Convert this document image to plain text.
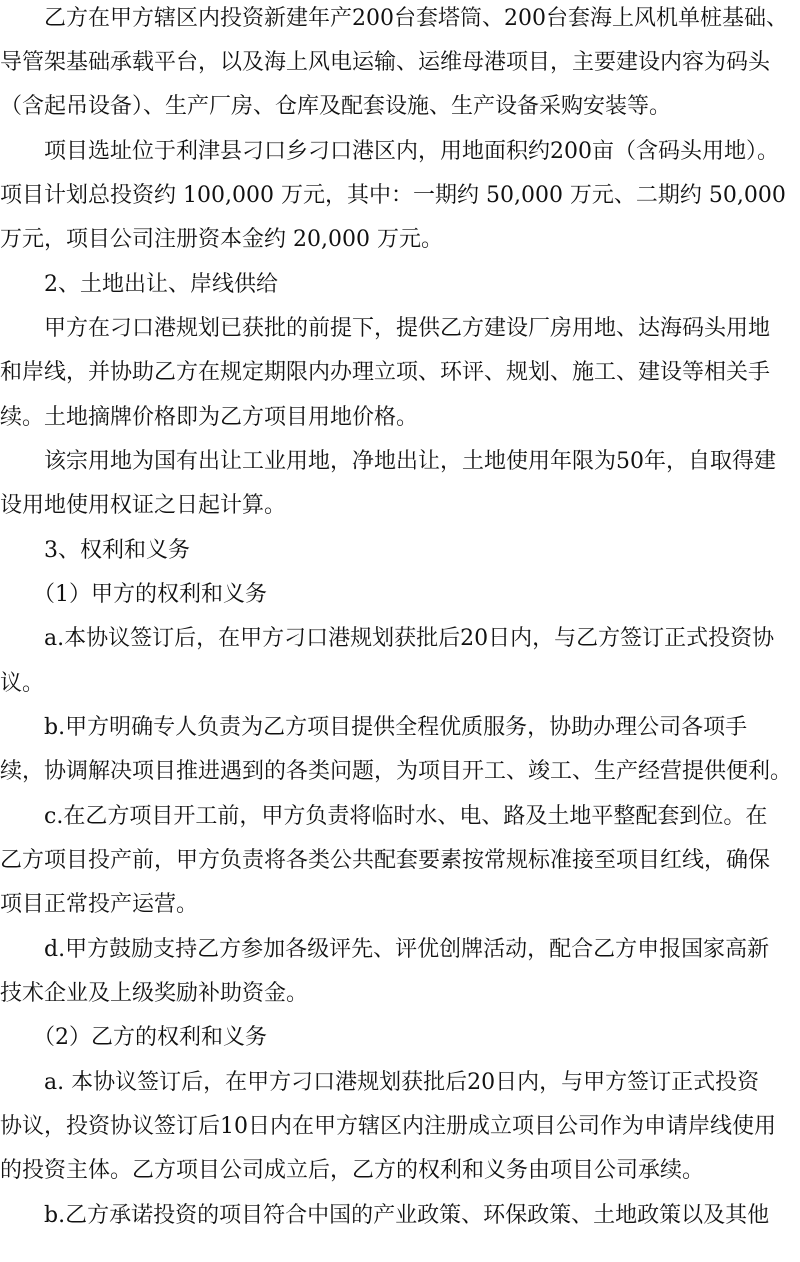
　　乙方在甲方辖区内投资新建年产200台套塔筒、200台套海上风机单桩基础、
导管架基础承载平台，以及海上风电运输、运维母港项目，主要建设内容为码头
（含起吊设备）、生产厂房、仓库及配套设施、生产设备采购安装等。
　　项目选址位于利津县刁口乡刁口港区内，用地面积约200亩（含码头用地）。
项目计划总投资约 100,000 万元，其中：一期约 50,000 万元、二期约 50,000
万元，项目公司注册资本金约 20,000 万元。
　　2、土地出让、岸线供给
　　甲方在刁口港规划已获批的前提下，提供乙方建设厂房用地、达海码头用地
和岸线，并协助乙方在规定期限内办理立项、环评、规划、施工、建设等相关手
续。土地摘牌价格即为乙方项目用地价格。
　　该宗用地为国有出让工业用地，净地出让，土地使用年限为50年，自取得建
设用地使用权证之日起计算。
　　3、权利和义务
　　（1）甲方的权利和义务
　　a.本协议签订后，在甲方刁口港规划获批后20日内，与乙方签订正式投资协
议。
　　b.甲方明确专人负责为乙方项目提供全程优质服务，协助办理公司各项手
续，协调解决项目推进遇到的各类问题，为项目开工、竣工、生产经营提供便利。
　　c.在乙方项目开工前，甲方负责将临时水、电、路及土地平整配套到位。在
乙方项目投产前，甲方负责将各类公共配套要素按常规标准接至项目红线，确保
项目正常投产运营。
　　d.甲方鼓励支持乙方参加各级评先、评优创牌活动，配合乙方申报国家高新
技术企业及上级奖励补助资金。
　　（2）乙方的权利和义务
　　a. 本协议签订后，在甲方刁口港规划获批后20日内，与甲方签订正式投资
协议，投资协议签订后10日内在甲方辖区内注册成立项目公司作为申请岸线使用
的投资主体。乙方项目公司成立后，乙方的权利和义务由项目公司承续。
　　b.乙方承诺投资的项目符合中国的产业政策、环保政策、土地政策以及其他
